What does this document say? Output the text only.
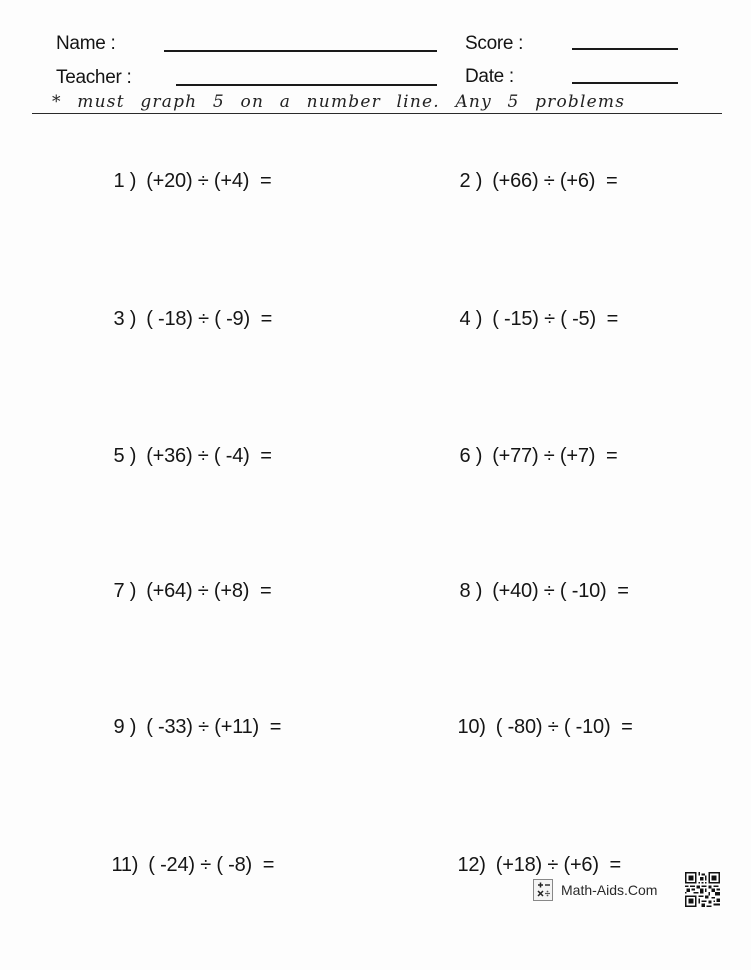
Name :	Score :
Teacher :	Date :
* must graph 5 on a number line. Any 5 problems

1 ) (+20) ÷ (+4)  =
	2 ) (+66) ÷ (+6)  =

3 ) ( -18) ÷ ( -9)  =
	4 ) ( -15) ÷ ( -5)  =

5 ) (+36) ÷ ( -4)  =
	6 ) (+77) ÷ (+7)  =

7 ) (+64) ÷ (+8)  =
	8 ) (+40) ÷ ( -10)  =

9 ) ( -33) ÷ (+11)  =
	10) ( -80) ÷ ( -10)  =

11) ( -24) ÷ ( -8)  =
	12) (+18) ÷ (+6)  =

Math-Aids.Com
